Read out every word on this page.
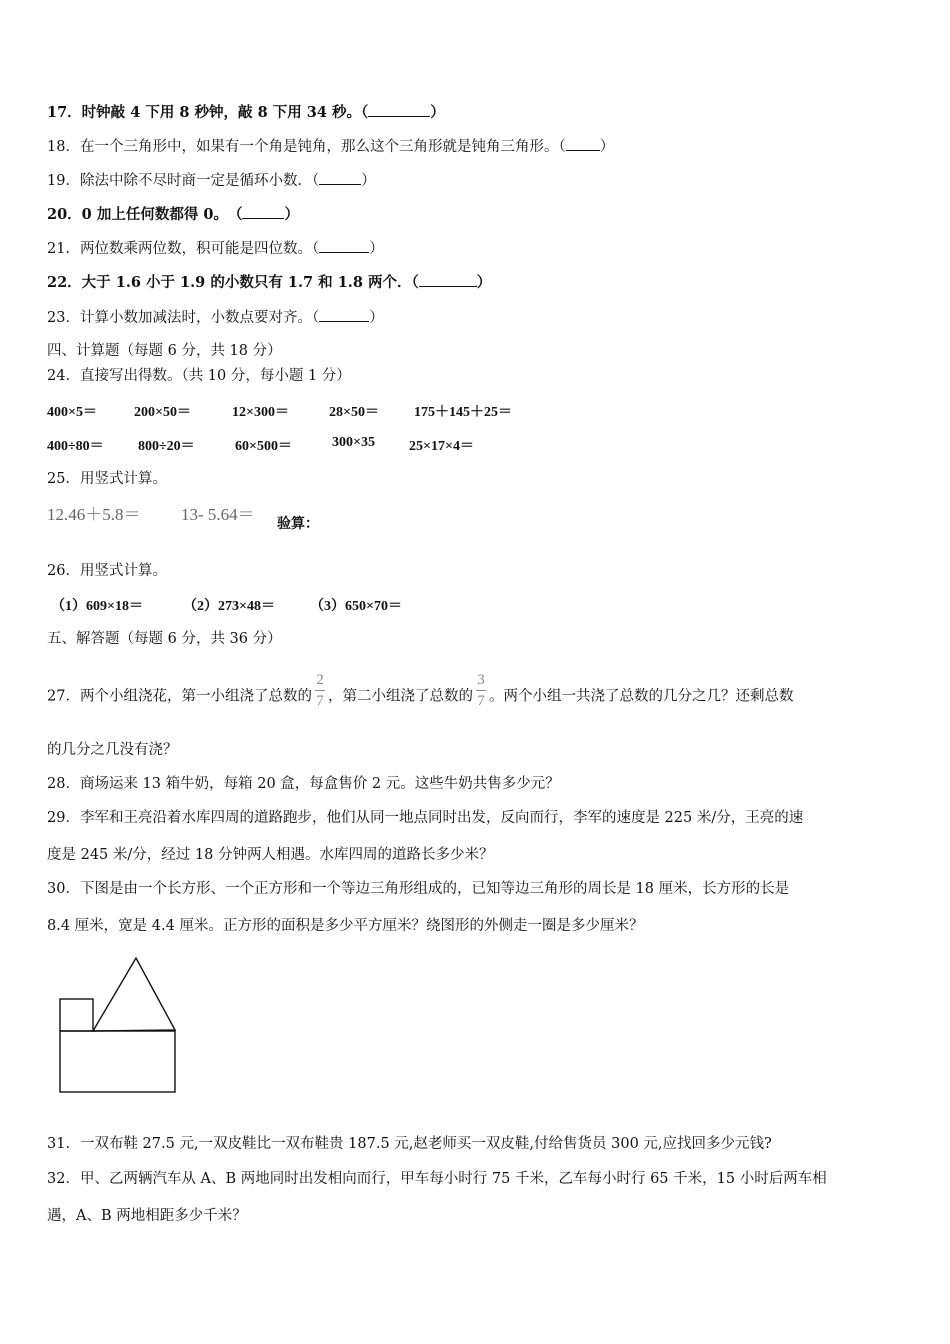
17．时钟敲 4 下用 8 秒钟，敲 8 下用 34 秒。（	）
18．在一个三角形中，如果有一个角是钝角，那么这个三角形就是钝角三角形。（ ）
19．除法中除不尽时商一定是循环小数．（	）
20．0 加上任何数都得 0。　（	）
21．两位数乘两位数，积可能是四位数。（	）
22．大于 1.6 小于 1.9 的小数只有 1.7 和 1.8 两个．（	）
23．计算小数加减法时，小数点要对齐。（	）
四、计算题（每题 6 分，共 18 分）
24．直接写出得数。（共 10 分，每小题 1 分）
400×5＝	200×50＝	12×300＝	28×50＝	175＋145＋25＝
400÷80＝ 800÷20＝	60×500＝	300×35 25×17×4＝
25．用竖式计算。
12.46＋5.8＝ 13‐ 5.64＝ 验算：
26．用竖式计算。
（1）609×18＝	（2）273×48＝	（3）650×70＝
五、解答题（每题 6 分，共 36 分）
27．两个小组浇花，第一小组浇了总数的 $\frac{2}{7}$ ，第二小组浇了总数的 $\frac{3}{7}$ 。两个小组一共浇了总数的几分之几？还剩总数
的几分之几没有浇？
28．商场运来 13 箱牛奶，每箱 20 盒，每盒售价 2 元。这些牛奶共售多少元？
29．李军和王亮沿着水库四周的道路跑步，他们从同一地点同时出发，反向而行，李军的速度是 225 米/分，王亮的速
度是 245 米/分，经过 18 分钟两人相遇。水库四周的道路长多少米？
30．下图是由一个长方形、一个正方形和一个等边三角形组成的，已知等边三角形的周长是 18 厘米，长方形的长是
8.4 厘米，宽是 4.4 厘米。正方形的面积是多少平方厘米？绕图形的外侧走一圈是多少厘米？
31．一双布鞋 27.5 元,一双皮鞋比一双布鞋贵 187.5 元,赵老师买一双皮鞋,付给售货员 300 元,应找回多少元钱?
32．甲、乙两辆汽车从 A、B 两地同时出发相向而行，甲车每小时行 75 千米，乙车每小时行 65 千米，15 小时后两车相
遇，A、B 两地相距多少千米？
